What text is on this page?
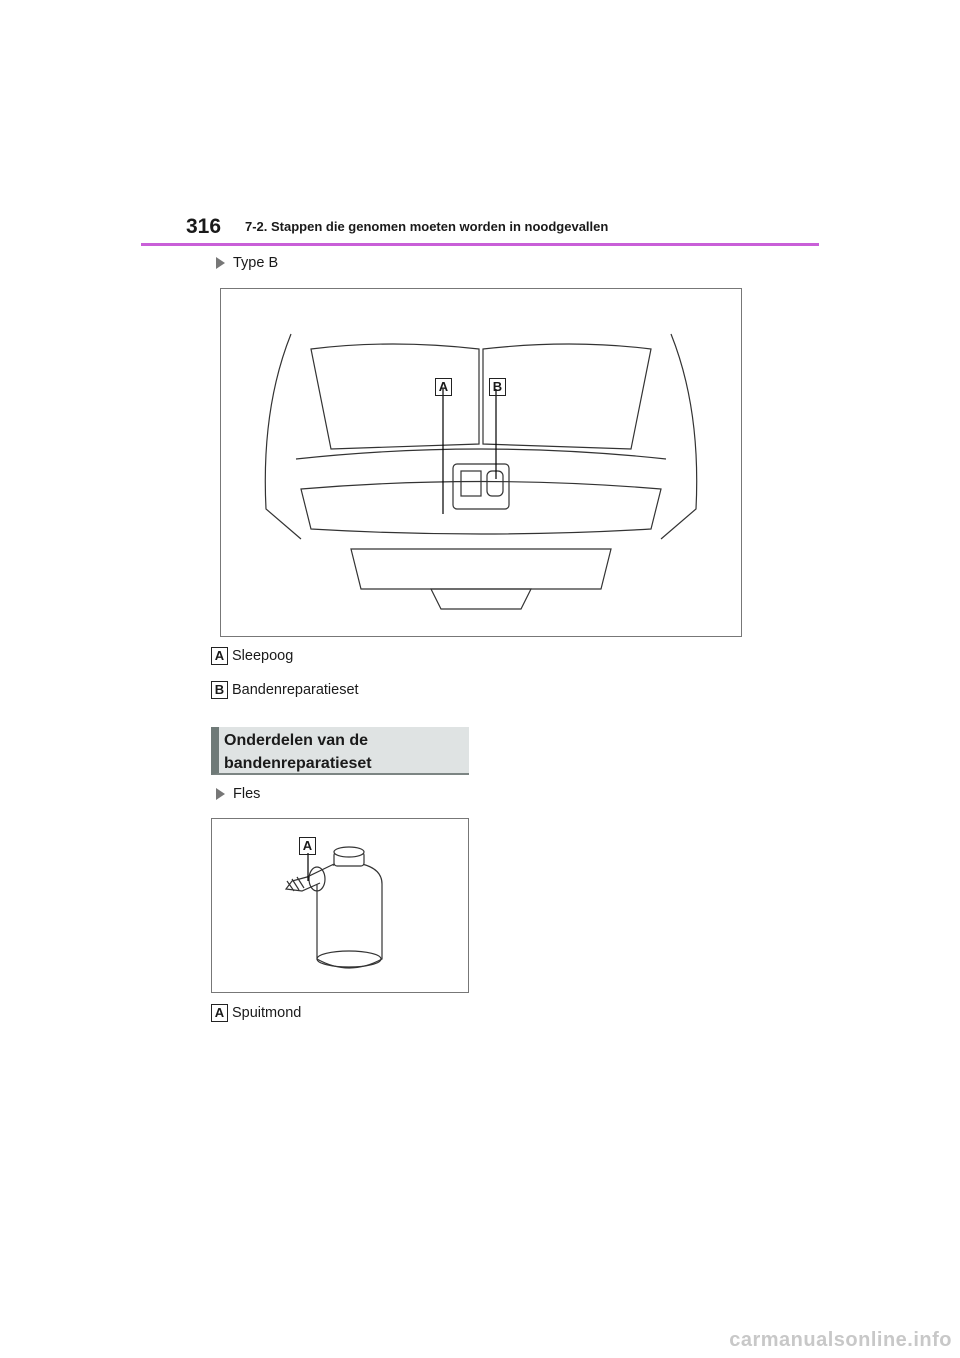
316 7-2. Stappen die genomen moeten worden in noodgevallen
Type B
A	B
A Sleepoog
B Bandenreparatieset
Onderdelen van de
bandenreparatieset
Fles
A
A Spuitmond
carmanualsonline.info
